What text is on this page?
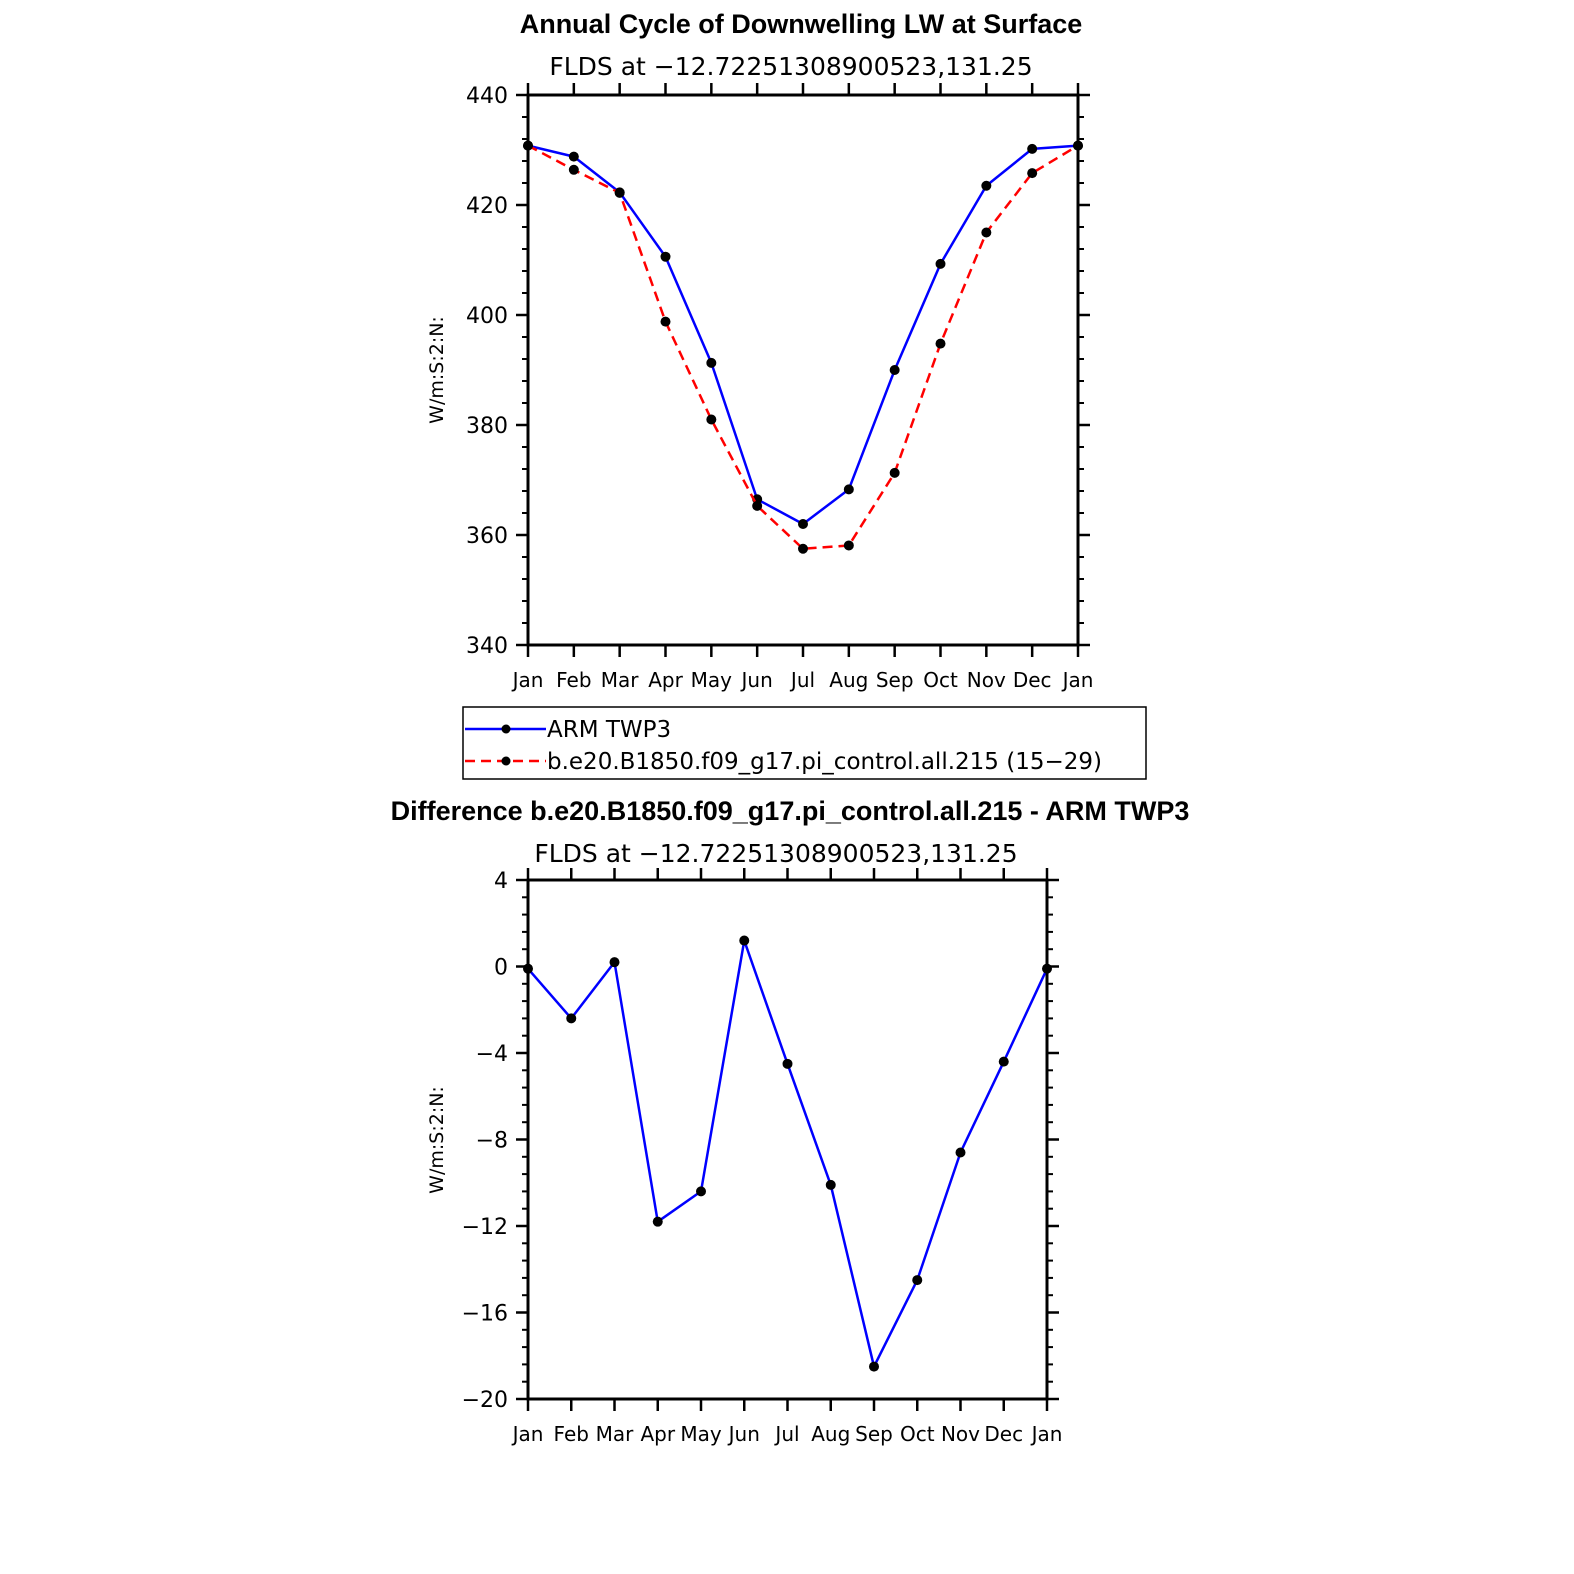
Annual Cycle of Downwelling LW at Surface
FLDS at −12.72251308900523,131.25
W/m:S:2:N:
340
360
380
400
420
440
Jan Feb Mar Apr May Jun Jul Aug Sep Oct Nov Dec Jan
ARM TWP3
b.e20.B1850.f09_g17.pi_control.all.215 (15−29)
Difference b.e20.B1850.f09_g17.pi_control.all.215 - ARM TWP3
FLDS at −12.72251308900523,131.25
W/m:S:2:N:
−20
−16
−12
−8
−4
0
4
Jan Feb Mar Apr May Jun Jul Aug Sep Oct Nov Dec Jan
